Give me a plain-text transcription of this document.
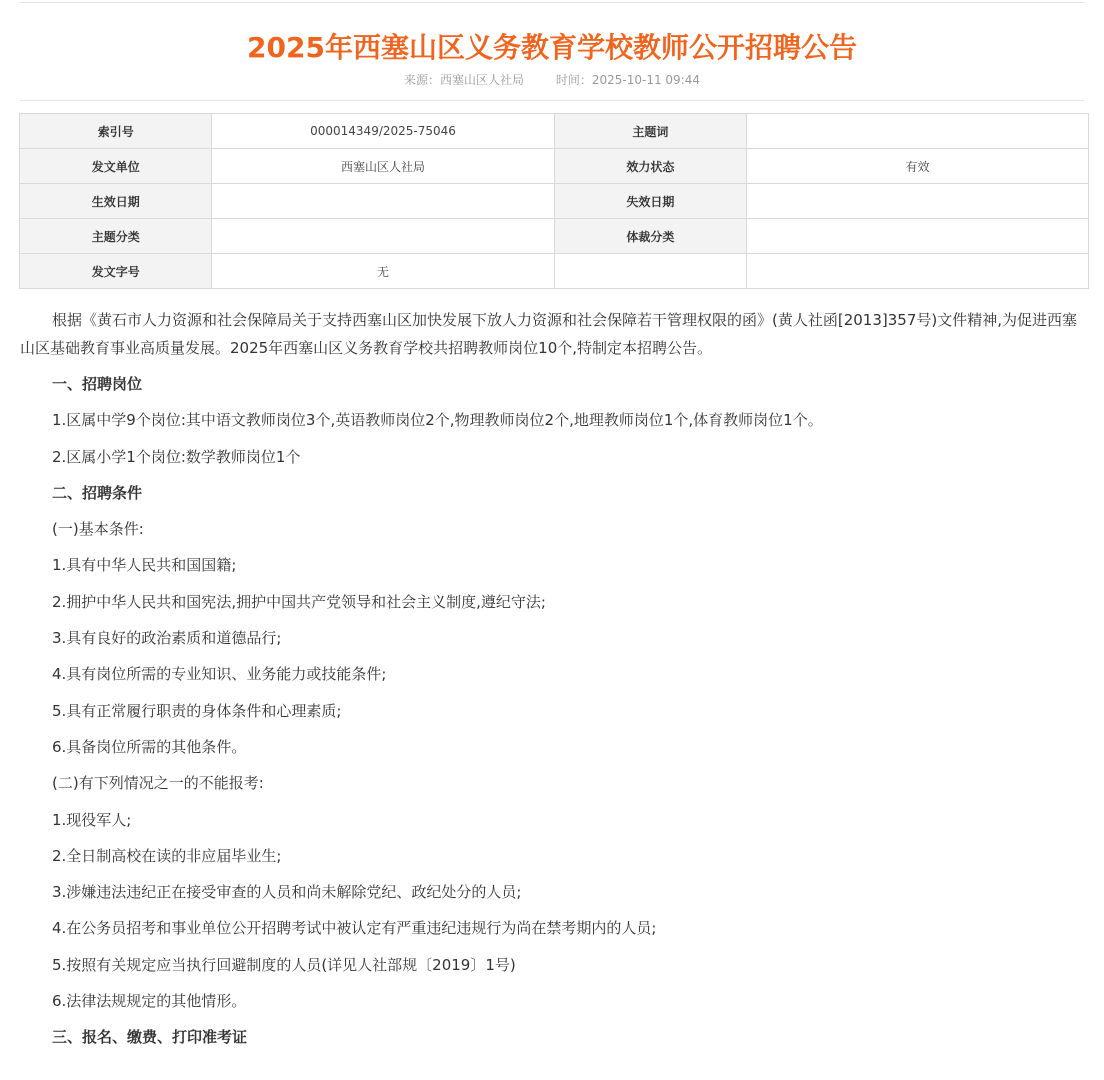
2025年西塞山区义务教育学校教师公开招聘公告
来源：西塞山区人社局	时间：2025-10-11 09:44
索引号	000014349/2025-75046	主题词	
发文单位	西塞山区人社局	效力状态	有效
生效日期		失效日期	
主题分类		体裁分类	
发文字号	无		

根据《黄石市人力资源和社会保障局关于支持西塞山区加快发展下放人力资源和社会保障若干管理权限的函》(黄人社函[2013]357号)文件精神,为促进西塞山区基础教育事业高质量发展。2025年西塞山区义务教育学校共招聘教师岗位10个,特制定本招聘公告。

一、招聘岗位

1.区属中学9个岗位:其中语文教师岗位3个,英语教师岗位2个,物理教师岗位2个,地理教师岗位1个,体育教师岗位1个。

2.区属小学1个岗位:数学教师岗位1个

二、招聘条件

(一)基本条件:

1.具有中华人民共和国国籍;

2.拥护中华人民共和国宪法,拥护中国共产党领导和社会主义制度,遵纪守法;

3.具有良好的政治素质和道德品行;

4.具有岗位所需的专业知识、业务能力或技能条件;

5.具有正常履行职责的身体条件和心理素质;

6.具备岗位所需的其他条件。

(二)有下列情况之一的不能报考:

1.现役军人;

2.全日制高校在读的非应届毕业生;

3.涉嫌违法违纪正在接受审查的人员和尚未解除党纪、政纪处分的人员;

4.在公务员招考和事业单位公开招聘考试中被认定有严重违纪违规行为尚在禁考期内的人员;

5.按照有关规定应当执行回避制度的人员(详见人社部规〔2019〕1号)

6.法律法规规定的其他情形。

三、报名、缴费、打印准考证
